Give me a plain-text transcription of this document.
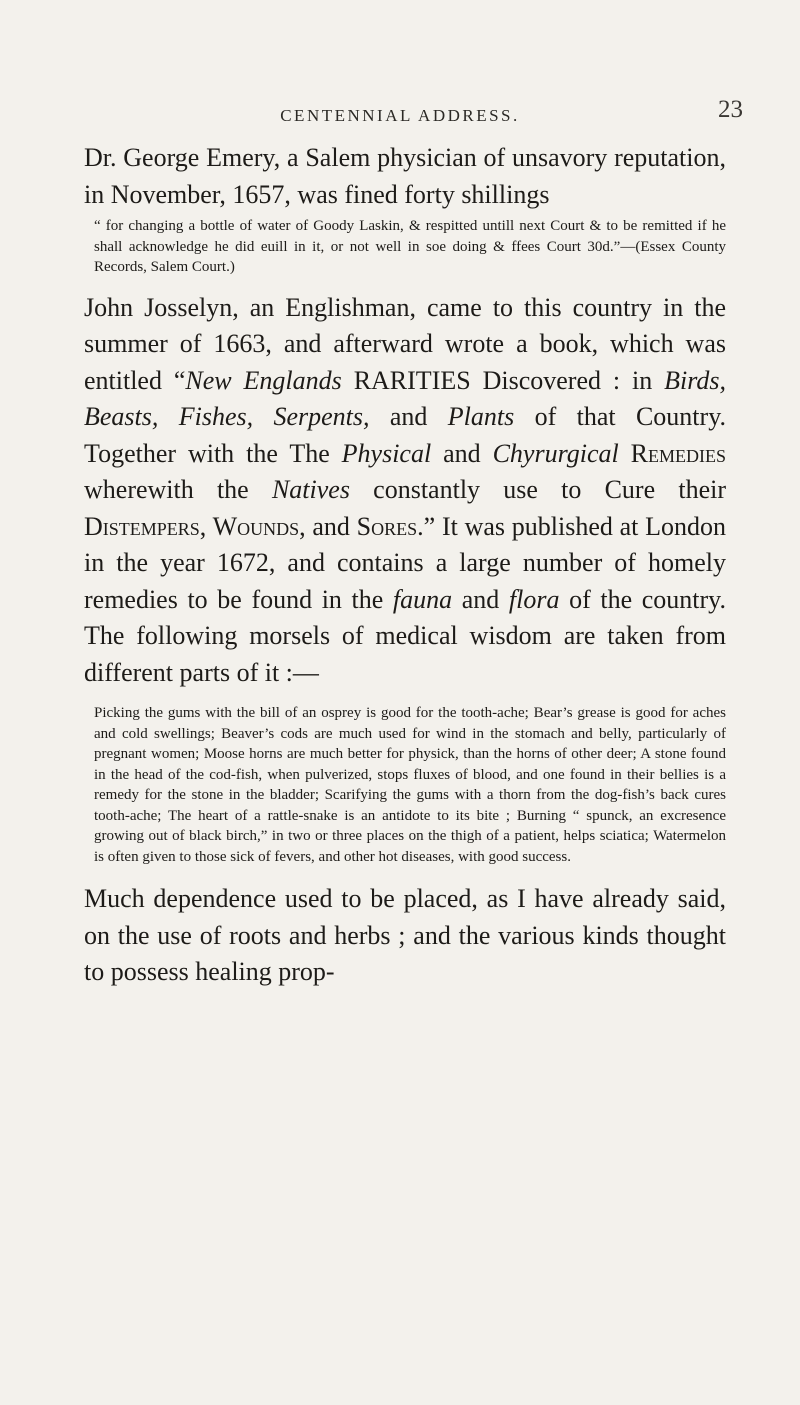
CENTENNIAL ADDRESS.	23

Dr. George Emery, a Salem physician of unsavory reputation, in November, 1657, was fined forty shillings

“ for changing a bottle of water of Goody Laskin, & respitted untill next Court & to be remitted if he shall acknowledge he did euill in it, or not well in soe doing & ffees Court 30d.”—(Essex County Records, Salem Court.)

John Josselyn, an Englishman, came to this country in the summer of 1663, and afterward wrote a book, which was entitled “New Englands RARITIES Discovered : in Birds, Beasts, Fishes, Serpents, and Plants of that Country. Together with the The Physical and Chyrurgical Remedies wherewith the Natives constantly use to Cure their Distempers, Wounds, and Sores.” It was published at London in the year 1672, and contains a large number of homely remedies to be found in the fauna and flora of the country. The following morsels of medical wisdom are taken from different parts of it :—

Picking the gums with the bill of an osprey is good for the tooth-ache; Bear’s grease is good for aches and cold swellings; Beaver’s cods are much used for wind in the stomach and belly, particularly of pregnant women; Moose horns are much better for physick, than the horns of other deer; A stone found in the head of the cod-fish, when pulverized, stops fluxes of blood, and one found in their bellies is a remedy for the stone in the bladder; Scarifying the gums with a thorn from the dog-fish’s back cures tooth-ache; The heart of a rattle-snake is an antidote to its bite ; Burning “ spunck, an excresence growing out of black birch,” in two or three places on the thigh of a patient, helps sciatica; Watermelon is often given to those sick of fevers, and other hot diseases, with good success.

Much dependence used to be placed, as I have already said, on the use of roots and herbs ; and the various kinds thought to possess healing prop-
